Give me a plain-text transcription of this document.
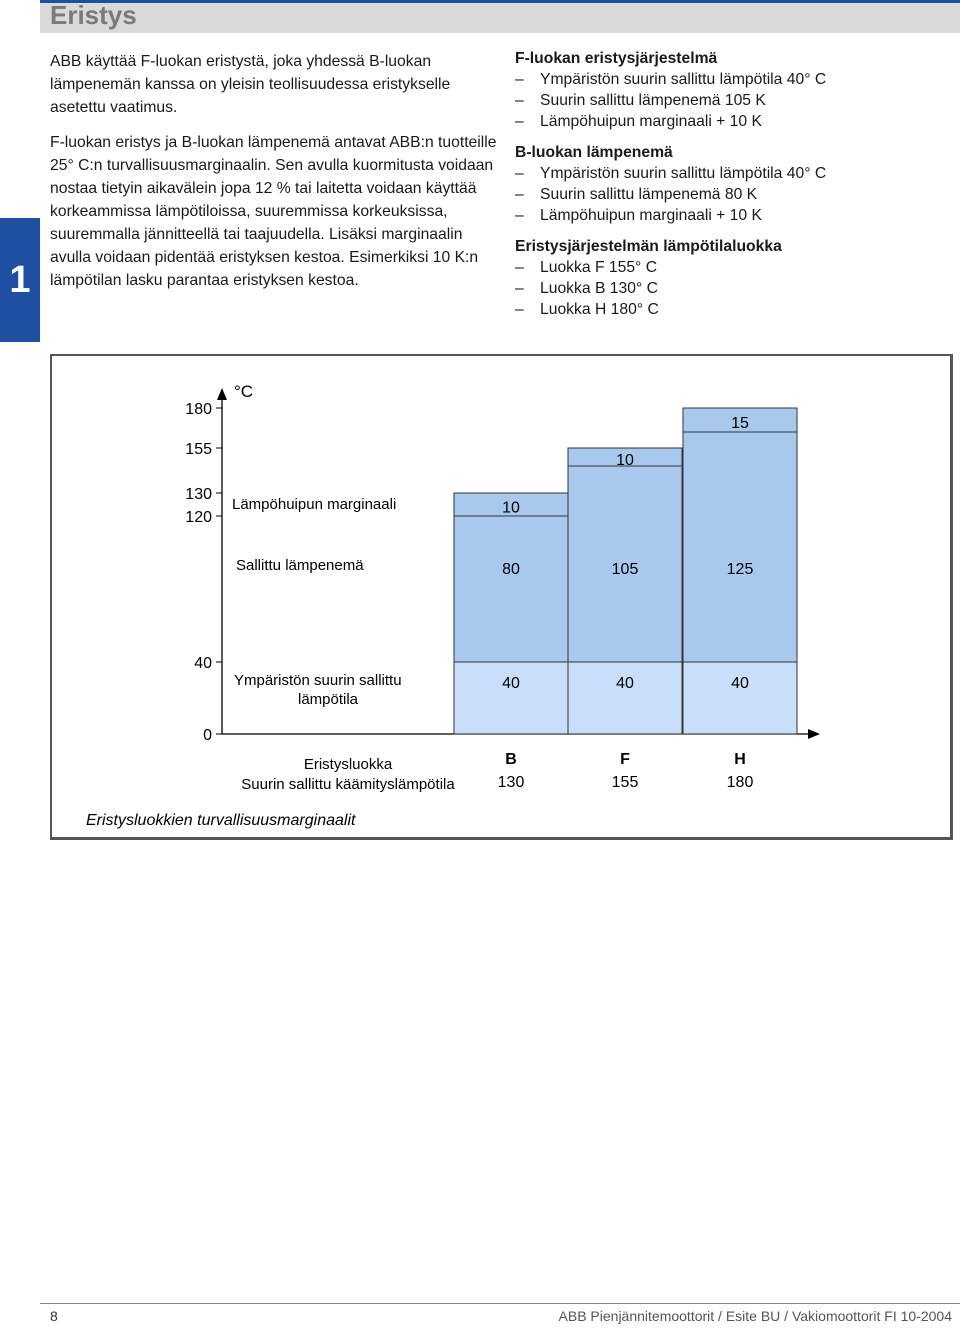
Eristys
1

ABB käyttää F-luokan eristystä, joka yhdessä B-luokan lämpenemän kanssa on yleisin teollisuudessa eristykselle asetettu vaatimus.

F-luokan eristys ja B-luokan lämpenemä antavat ABB:n tuotteille 25° C:n turvallisuusmarginaalin. Sen avulla kuormitusta voidaan nostaa tietyin aikavälein jopa 12 % tai laitetta voidaan käyttää korkeammissa lämpötiloissa, suuremmissa korkeuksissa, suuremmalla jännitteellä tai taajuudella. Lisäksi marginaalin avulla voidaan pidentää eristyksen kestoa. Esimerkiksi 10 K:n lämpötilan lasku parantaa eristyksen kestoa.

F-luokan eristysjärjestelmä
–	Ympäristön suurin sallittu lämpötila 40° C
–	Suurin sallittu lämpenemä 105 K
–	Lämpöhuipun marginaali + 10 K
B-luokan lämpenemä
–	Ympäristön suurin sallittu lämpötila 40° C
–	Suurin sallittu lämpenemä 80 K
–	Lämpöhuipun marginaali + 10 K
Eristysjärjestelmän lämpötilaluokka
–	Luokka F 155° C
–	Luokka B 130° C
–	Luokka H 180° C
°C
0
40
120
130
155
180
10
80
40
B
130
10
105
40
F
155
15
125
40
H
180
Lämpöhuipun marginaali
Sallittu lämpenemä
Ympäristön suurin sallittu
lämpötila
Eristysluokka
Suurin sallittu käämityslämpötila
Eristysluokkien turvallisuusmarginaalit
8	ABB Pienjännitemoottorit / Esite BU / Vakiomoottorit FI 10-2004
